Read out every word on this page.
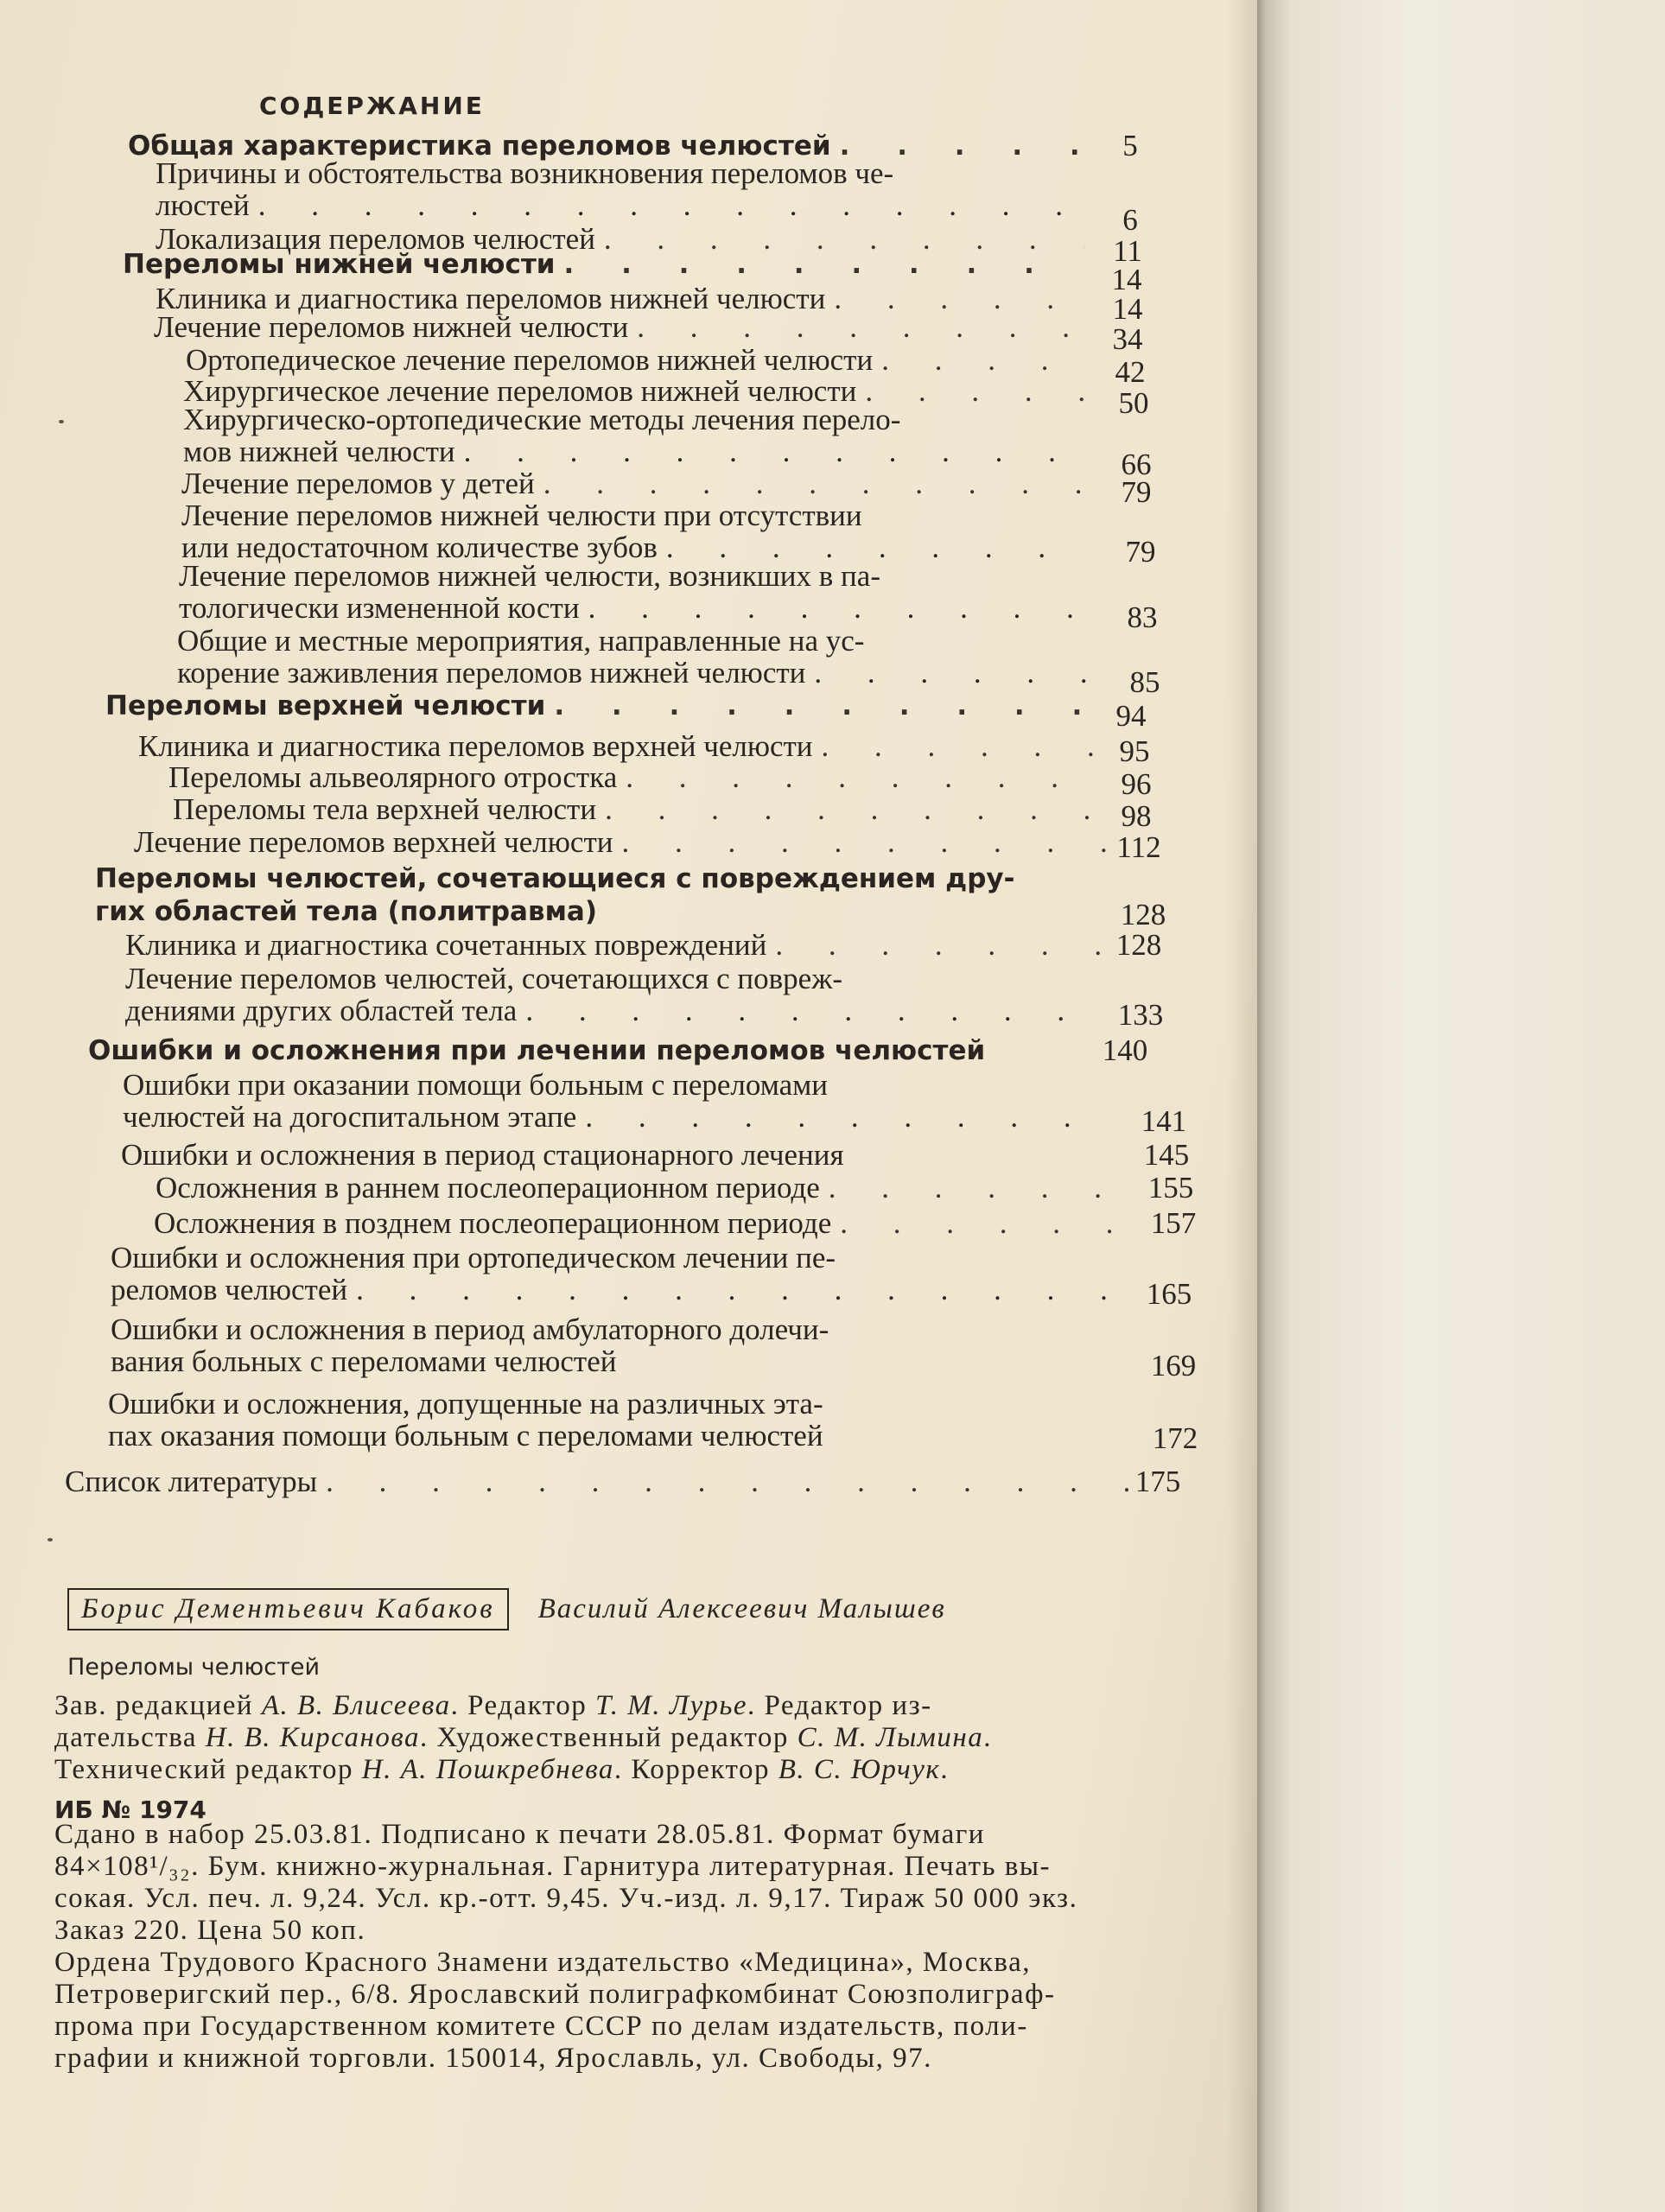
СОДЕРЖАНИЕ
Общая характеристика переломов челюстей . . .	5
Причины и обстоятельства возникновения переломов че-
люстей . . .	6
Локализация переломов челюстей . . .	11
Переломы нижней челюсти . . .	14
Клиника и диагностика переломов нижней челюсти . . .	14
Лечение переломов нижней челюсти . . .	34
Ортопедическое лечение переломов нижней челюсти . . .	42
Хирургическое лечение переломов нижней челюсти . . .	50
Хирургическо-ортопедические методы лечения перело-
мов нижней челюсти . . .	66
Лечение переломов у детей . . .	79
Лечение переломов нижней челюсти при отсутствии
или недостаточном количестве зубов . . .	79
Лечение переломов нижней челюсти, возникших в па-
тологически измененной кости . . .	83
Общие и местные мероприятия, направленные на ус-
корение заживления переломов нижней челюсти . . .	85
Переломы верхней челюсти . . .	94
Клиника и диагностика переломов верхней челюсти . . .	95
Переломы альвеолярного отростка . . .	96
Переломы тела верхней челюсти . . .	98
Лечение переломов верхней челюсти . . .	112
Переломы челюстей, сочетающиеся с повреждением дру-
гих областей тела (политравма)	128
Клиника и диагностика сочетанных повреждений . . .	128
Лечение переломов челюстей, сочетающихся с повреж-
дениями других областей тела . . .	133
Ошибки и осложнения при лечении переломов челюстей	140
Ошибки при оказании помощи больным с переломами
челюстей на догоспитальном этапе . . .	141
Ошибки и осложнения в период стационарного лечения	145
Осложнения в раннем послеоперационном периоде . . .	155
Осложнения в позднем послеоперационном периоде . . .	157
Ошибки и осложнения при ортопедическом лечении пе-
реломов челюстей . . .	165
Ошибки и осложнения в период амбулаторного долечи-
вания больных с переломами челюстей	169
Ошибки и осложнения, допущенные на различных эта-
пах оказания помощи больным с переломами челюстей	172
Список литературы . . .	175
Борис Дементьевич Кабаков	Василий Алексеевич Малышев
Переломы челюстей
Зав. редакцией А. В. Блисеева. Редактор Т. М. Лурье. Редактор из-
дательства Н. В. Кирсанова. Художественный редактор С. М. Лымина.
Технический редактор Н. А. Пошкребнева. Корректор В. С. Юрчук.
ИБ № 1974
Сдано в набор 25.03.81. Подписано к печати 28.05.81. Формат бумаги
84×108¹/₃₂. Бум. книжно-журнальная. Гарнитура литературная. Печать вы-
сокая. Усл. печ. л. 9,24. Усл. кр.-отт. 9,45. Уч.-изд. л. 9,17. Тираж 50 000 экз.
Заказ 220. Цена 50 коп.
Ордена Трудового Красного Знамени издательство «Медицина», Москва,
Петроверигский пер., 6/8. Ярославский полиграфкомбинат Союзполиграф-
прома при Государственном комитете СССР по делам издательств, поли-
графии и книжной торговли. 150014, Ярославль, ул. Свободы, 97.
